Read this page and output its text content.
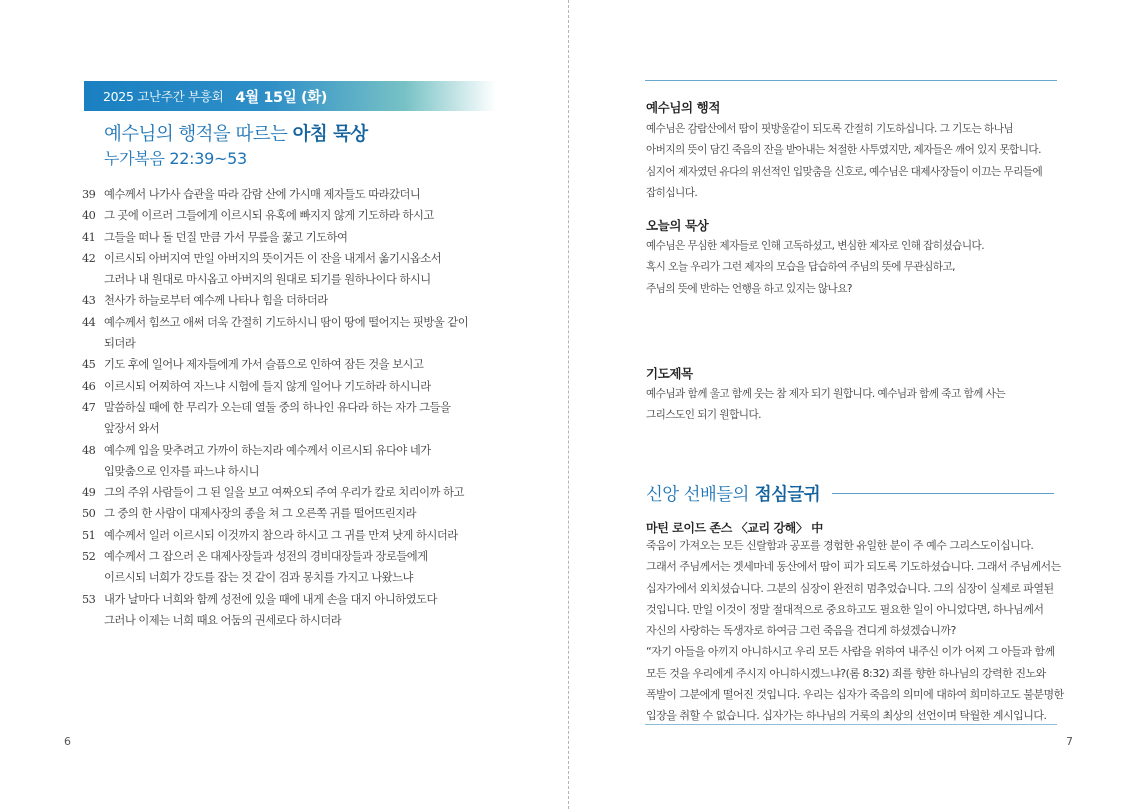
2025 고난주간 부흥회 4월 15일 (화)
예수님의 행적을 따르는 아침 묵상
누가복음 22:39~53
39 예수께서 나가사 습관을 따라 감람 산에 가시매 제자들도 따라갔더니
40 그 곳에 이르러 그들에게 이르시되 유혹에 빠지지 않게 기도하라 하시고
41 그들을 떠나 돌 던질 만큼 가서 무릎을 꿇고 기도하여
42 이르시되 아버지여 만일 아버지의 뜻이거든 이 잔을 내게서 옮기시옵소서
그러나 내 원대로 마시옵고 아버지의 원대로 되기를 원하나이다 하시니
43 천사가 하늘로부터 예수께 나타나 힘을 더하더라
44 예수께서 힘쓰고 애써 더욱 간절히 기도하시니 땀이 땅에 떨어지는 핏방울 같이
되더라
45 기도 후에 일어나 제자들에게 가서 슬픔으로 인하여 잠든 것을 보시고
46 이르시되 어찌하여 자느냐 시험에 들지 않게 일어나 기도하라 하시니라
47 말씀하실 때에 한 무리가 오는데 열둘 중의 하나인 유다라 하는 자가 그들을
앞장서 와서
48 예수께 입을 맞추려고 가까이 하는지라 예수께서 이르시되 유다야 네가
입맞춤으로 인자를 파느냐 하시니
49 그의 주위 사람들이 그 된 일을 보고 여짜오되 주여 우리가 칼로 치리이까 하고
50 그 중의 한 사람이 대제사장의 종을 쳐 그 오른쪽 귀를 떨어뜨린지라
51 예수께서 일러 이르시되 이것까지 참으라 하시고 그 귀를 만져 낫게 하시더라
52 예수께서 그 잡으러 온 대제사장들과 성전의 경비대장들과 장로들에게
이르시되 너희가 강도를 잡는 것 같이 검과 몽치를 가지고 나왔느냐
53 내가 날마다 너희와 함께 성전에 있을 때에 내게 손을 대지 아니하였도다
그러나 이제는 너희 때요 어둠의 권세로다 하시더라
6
예수님의 행적
예수님은 감람산에서 땀이 핏방울같이 되도록 간절히 기도하십니다. 그 기도는 하나님
아버지의 뜻이 담긴 죽음의 잔을 받아내는 처절한 사투였지만, 제자들은 깨어 있지 못합니다.
심지어 제자였던 유다의 위선적인 입맞춤을 신호로, 예수님은 대제사장들이 이끄는 무리들에
잡히십니다.
오늘의 묵상
예수님은 무심한 제자들로 인해 고독하셨고, 변심한 제자로 인해 잡히셨습니다.
혹시 오늘 우리가 그런 제자의 모습을 답습하여 주님의 뜻에 무관심하고,
주님의 뜻에 반하는 언행을 하고 있지는 않나요?
기도제목
예수님과 함께 울고 함께 웃는 참 제자 되기 원합니다. 예수님과 함께 죽고 함께 사는
그리스도인 되기 원합니다.
신앙 선배들의 점심글귀
마틴 로이드 존스 〈교리 강해〉 中
죽음이 가져오는 모든 신랄함과 공포를 경험한 유일한 분이 주 예수 그리스도이십니다.
그래서 주님께서는 겟세마네 동산에서 땀이 피가 되도록 기도하셨습니다. 그래서 주님께서는
십자가에서 외치셨습니다. 그분의 심장이 완전히 멈추었습니다. 그의 심장이 실제로 파열된
것입니다. 만일 이것이 정말 절대적으로 중요하고도 필요한 일이 아니었다면, 하나님께서
자신의 사랑하는 독생자로 하여금 그런 죽음을 견디게 하셨겠습니까?
“자기 아들을 아끼지 아니하시고 우리 모든 사람을 위하여 내주신 이가 어찌 그 아들과 함께
모든 것을 우리에게 주시지 아니하시겠느냐?(롬 8:32) 죄를 향한 하나님의 강력한 진노와
폭발이 그분에게 떨어진 것입니다. 우리는 십자가 죽음의 의미에 대하여 희미하고도 불분명한
입장을 취할 수 없습니다. 십자가는 하나님의 거룩의 최상의 선언이며 탁월한 계시입니다.
7
